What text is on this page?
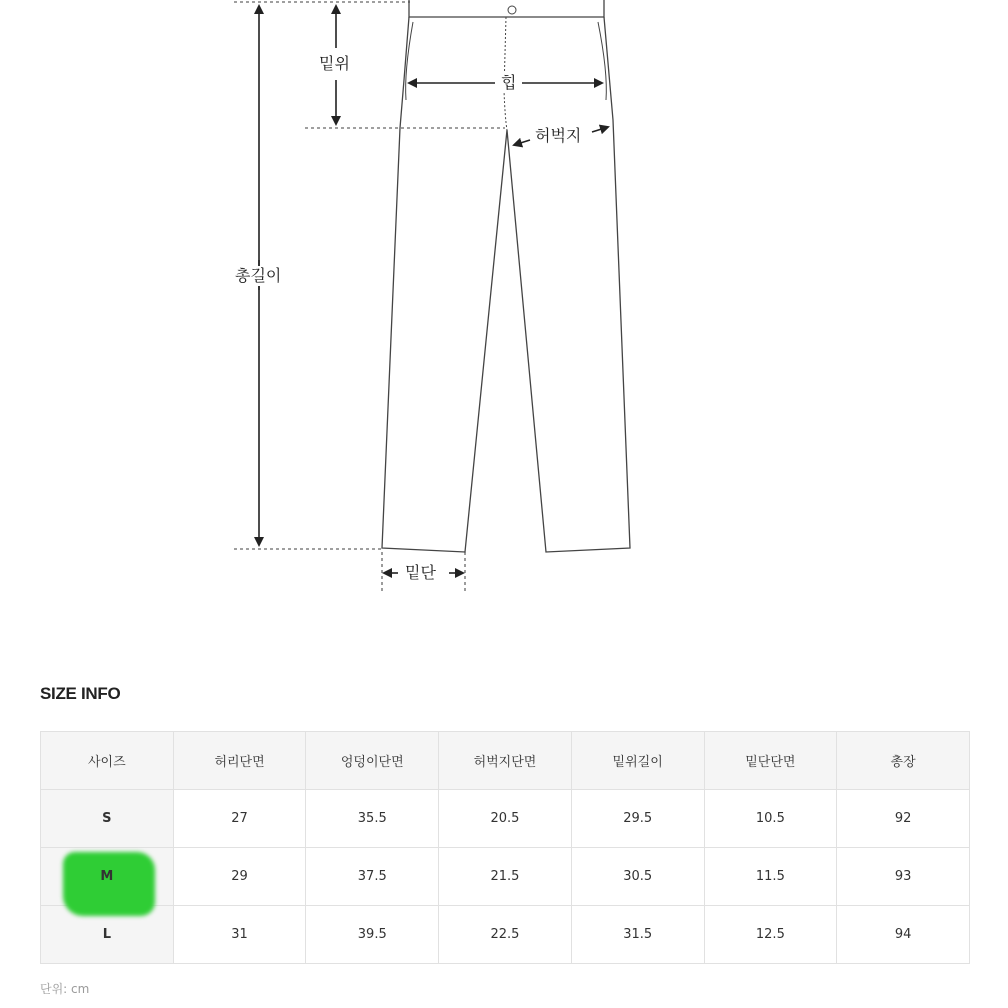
밑위
힙
허벅지
총길이
밑단
SIZE INFO
사이즈	허리단면	엉덩이단면	허벅지단면	밑위길이	밑단단면	총장
S	27	35.5	20.5	29.5	10.5	92

M	29	37.5	21.5	30.5	11.5	93
L	31	39.5	22.5	31.5	12.5	94
단위: cm
